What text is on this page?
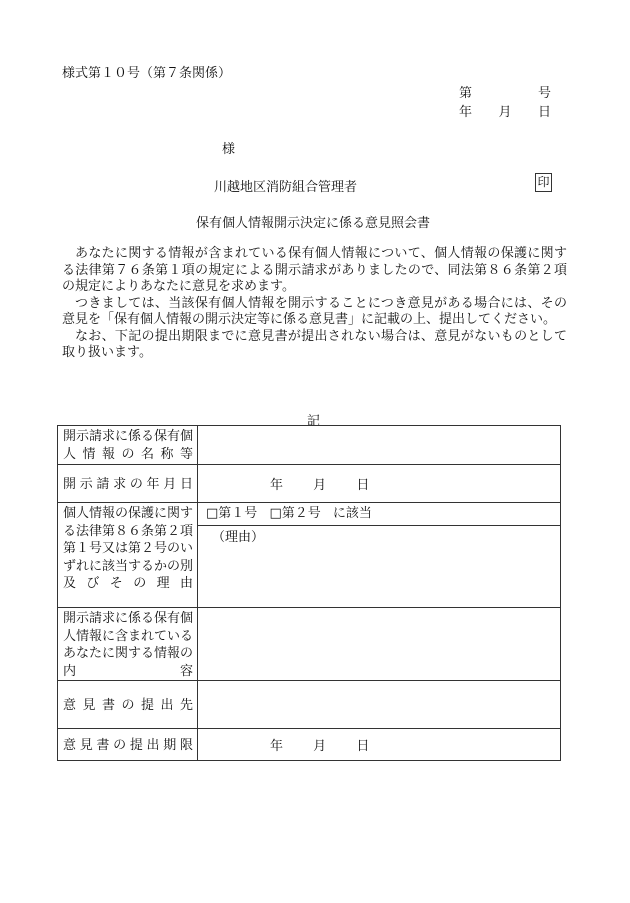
様式第１０号（第７条関係）
第	号
年 月 日
様
川越地区消防組合管理者	印
保有個人情報開示決定に係る意見照会書

あなたに関する情報が含まれている保有個人情報について、個人情報の保護に関する法律第７６条第１項の規定による開示請求がありましたので、同法第８６条第２項の規定によりあなたに意見を求めます。

つきましては、当該保有個人情報を開示することにつき意見がある場合には、その意見を「保有個人情報の開示決定等に係る意見書」に記載の上、提出してください。

なお、下記の提出期限までに意見書が提出されない場合は、意見がないものとして取り扱います。

記
開示請求に係る保有個人情報の名称等	
開示請求の年月日	年 月 日
個人情報の保護に関する法律第８６条第２項第１号又は第２号のいずれに該当するかの別及びその理由	□第１号 □第２号 に該当
	（理由）
開示請求に係る保有個人情報に含まれているあなたに関する情報の内容	
意見書の提出先	
意見書の提出期限	年 月 日
